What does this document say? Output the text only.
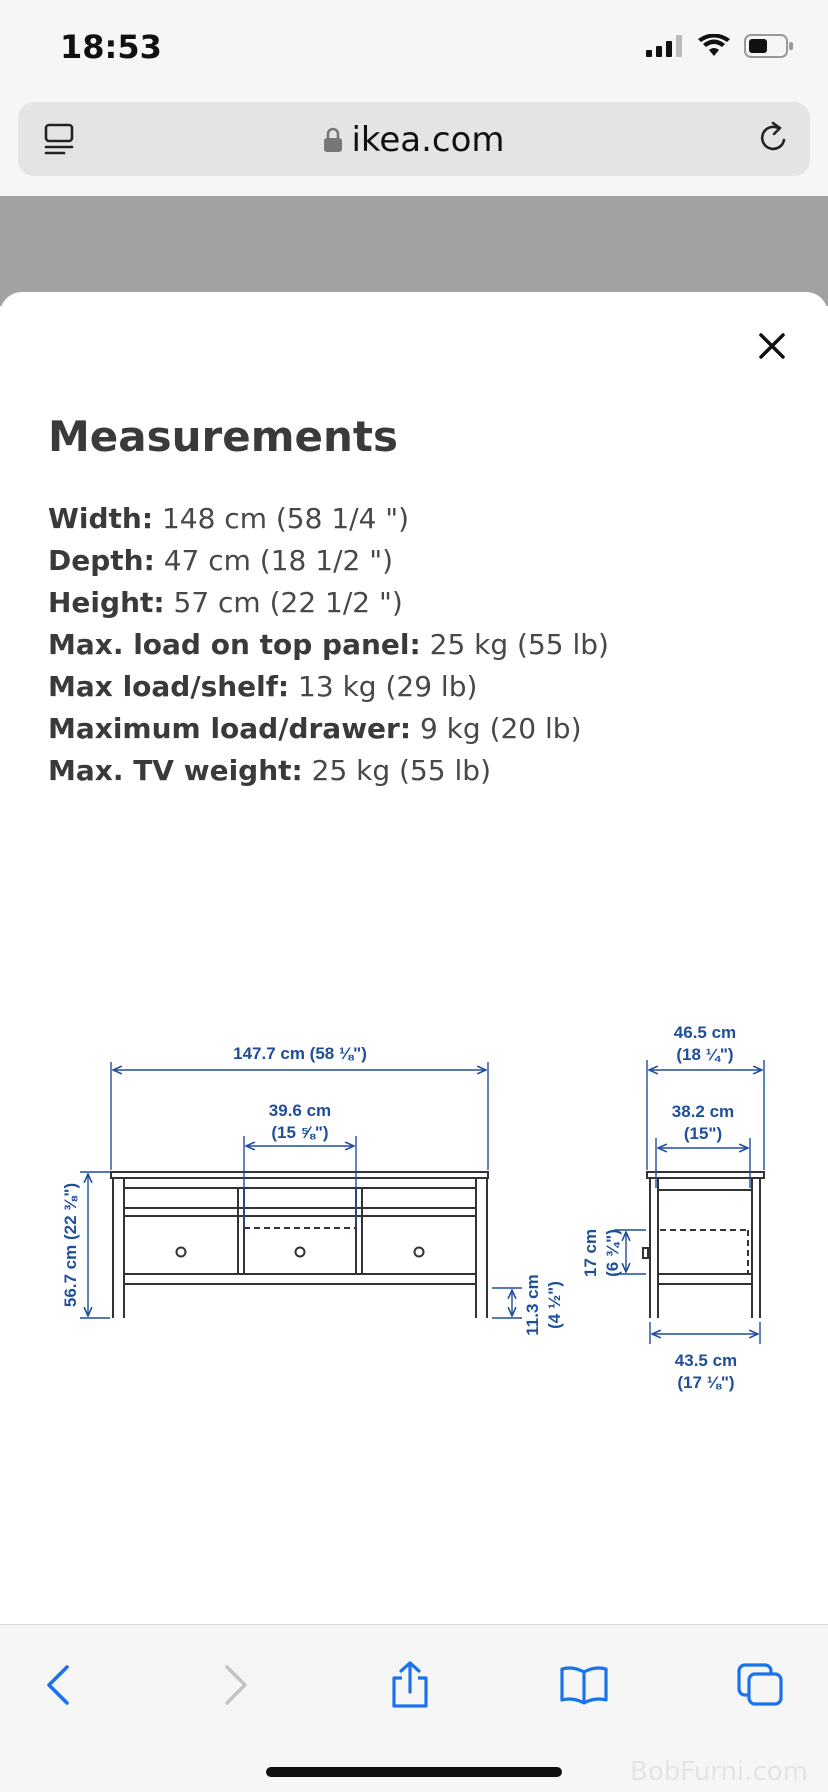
18:53
ikea.com
Measurements
Width: 148 cm (58 1/4 ")
Depth: 47 cm (18 1/2 ")
Height: 57 cm (22 1/2 ")
Max. load on top panel: 25 kg (55 lb)
Max load/shelf: 13 kg (29 lb)
Maximum load/drawer: 9 kg (20 lb)
Max. TV weight: 25 kg (55 lb)
147.7 cm (58 ⅛")
39.6 cm
(15 ⅝")
56.7 cm (22 ⅜")	11.3 cm (4 ½")
46.5 cm
(18 ¼")
38.2 cm
(15")
17 cm (6 ¾")
43.5 cm
(17 ⅛")
BobFurni.com
